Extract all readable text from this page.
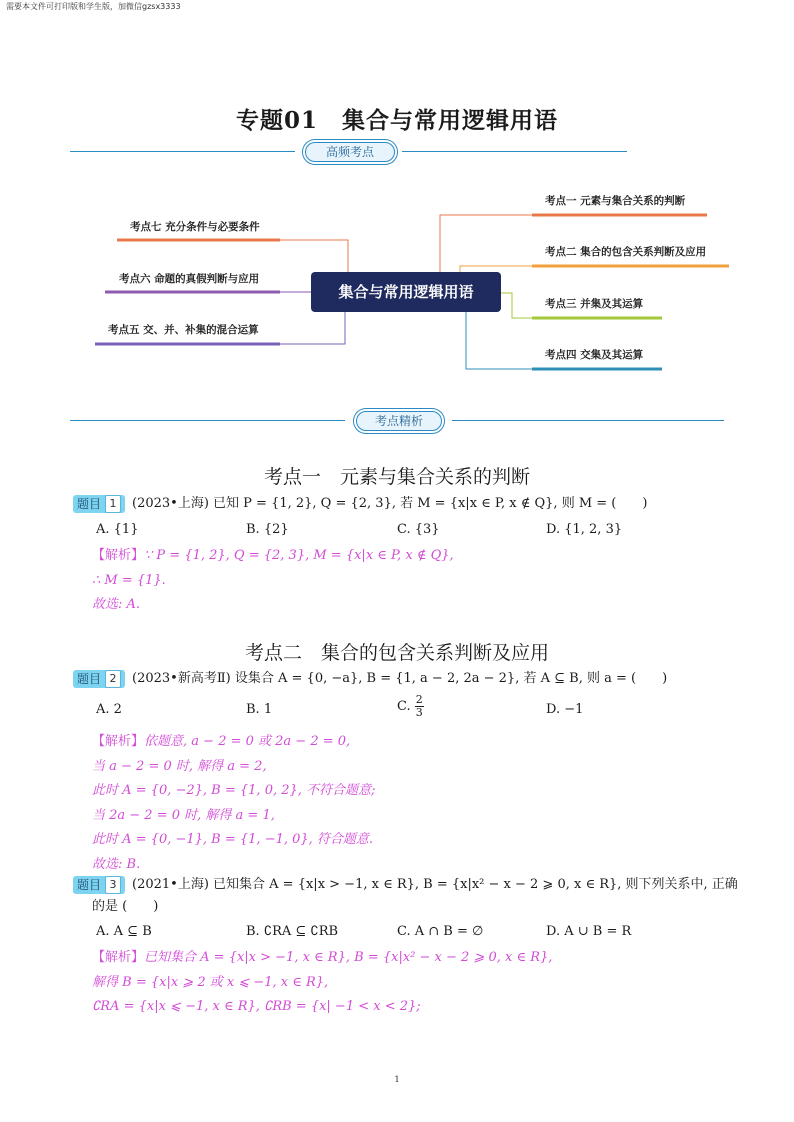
需要本文件可打印版和学生版，加微信gzsx3333
专题01　集合与常用逻辑用语
高频考点
集合与常用逻辑用语
考点一 元素与集合关系的判断
考点二 集合的包含关系判断及应用
考点三 并集及其运算
考点四 交集及其运算
考点七 充分条件与必要条件
考点六 命题的真假判断与应用
考点五 交、并、补集的混合运算
考点精析
考点一　元素与集合关系的判断
题目 1	(2023•上海) 已知 P = {1, 2}, Q = {2, 3}, 若 M = {x|x ∈ P, x ∉ Q}, 则 M = (　　)
A. {1}	B. {2}	C. {3}	D. {1, 2, 3}
【解析】∵ P = {1, 2}, Q = {2, 3}, M = {x|x ∈ P, x ∉ Q},
∴ M = {1}.
故选: A.
考点二　集合的包含关系判断及应用
题目 2	(2023•新高考Ⅱ) 设集合 A = {0, −a}, B = {1, a − 2, 2a − 2}, 若 A ⊆ B, 则 a = (　　)
A. 2	B. 1	C. $\frac{2}{3}$	D. −1
【解析】依题意, a − 2 = 0 或 2a − 2 = 0,
当 a − 2 = 0 时, 解得 a = 2,
此时 A = {0, −2}, B = {1, 0, 2}, 不符合题意;
当 2a − 2 = 0 时, 解得 a = 1,
此时 A = {0, −1}, B = {1, −1, 0}, 符合题意.
故选: B.
题目 3	(2021•上海) 已知集合 A = {x|x > −1, x ∈ R}, B = {x|x² − x − 2 ⩾ 0, x ∈ R}, 则下列关系中, 正确
的是 (　　)
A. A ⊆ B	B. ∁RA ⊆ ∁RB	C. A ∩ B = ∅	D. A ∪ B = R
【解析】已知集合 A = {x|x > −1, x ∈ R}, B = {x|x² − x − 2 ⩾ 0, x ∈ R},
解得 B = {x|x ⩾ 2 或 x ⩽ −1, x ∈ R},
∁RA = {x|x ⩽ −1, x ∈ R}, ∁RB = {x| −1 < x < 2};
1
